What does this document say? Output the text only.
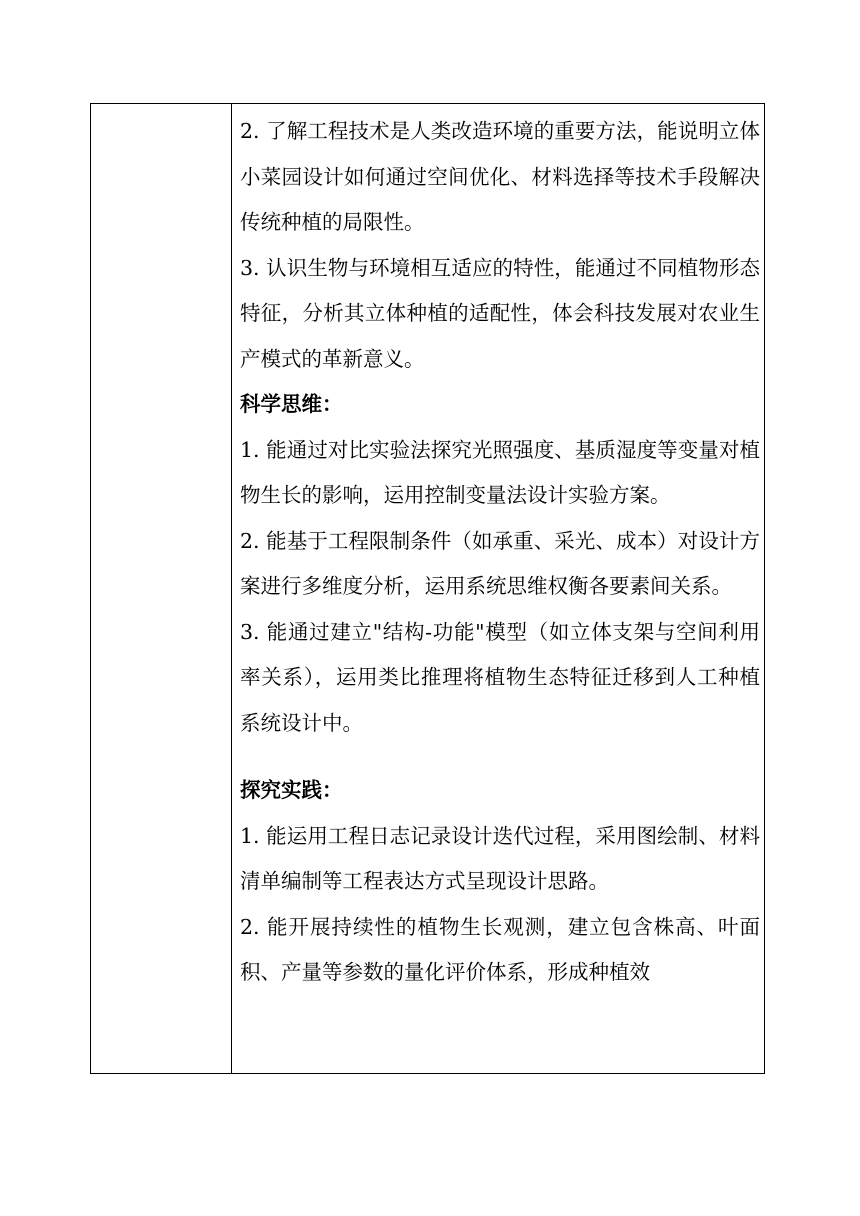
2. 了解工程技术是人类改造环境的重要方法，能说明立体小菜园设计如何通过空间优化、材料选择等技术手段解决传统种植的局限性。

3. 认识生物与环境相互适应的特性，能通过不同植物形态特征，分析其立体种植的适配性，体会科技发展对农业生产模式的革新意义。

科学思维：

1. 能通过对比实验法探究光照强度、基质湿度等变量对植物生长的影响，运用控制变量法设计实验方案。

2. 能基于工程限制条件（如承重、采光、成本）对设计方案进行多维度分析，运用系统思维权衡各要素间关系。

3. 能通过建立"结构-功能"模型（如立体支架与空间利用率关系），运用类比推理将植物生态特征迁移到人工种植系统设计中。

探究实践：

1. 能运用工程日志记录设计迭代过程，采用图绘制、材料清单编制等工程表达方式呈现设计思路。

2. 能开展持续性的植物生长观测，建立包含株高、叶面积、产量等参数的量化评价体系，形成种植效
